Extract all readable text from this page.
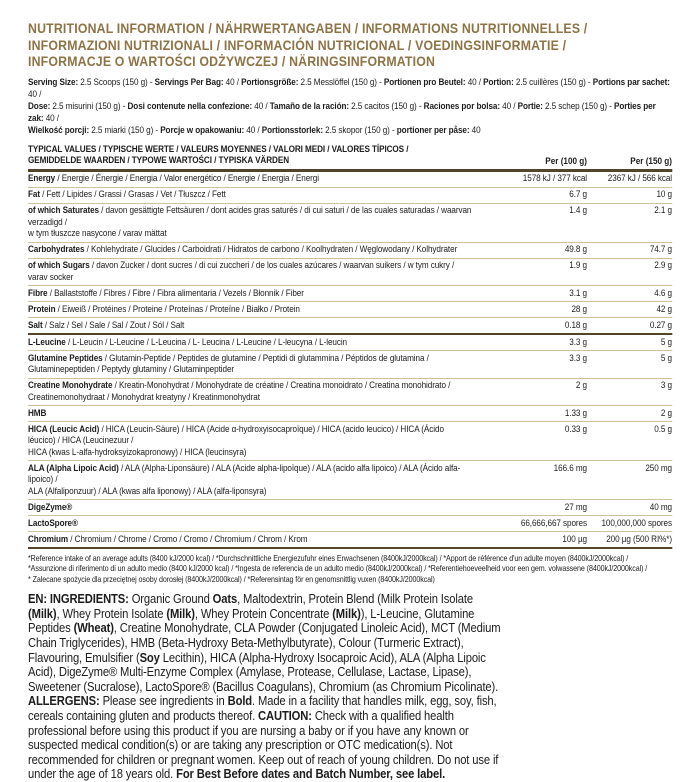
NUTRITIONAL INFORMATION / NÄHRWERTANGABEN / INFORMATIONS NUTRITIONNELLES /
INFORMAZIONI NUTRIZIONALI / INFORMACIÓN NUTRICIONAL / VOEDINGSINFORMATIE /
INFORMACJE O WARTOŚCI ODŻYWCZEJ / NÄRINGSINFORMATION
Serving Size: 2.5 Scoops (150 g) - Servings Per Bag: 40 / Portionsgröße: 2.5 Messlöffel (150 g) - Portionen pro Beutel: 40 / Portion: 2.5 cuillères (150 g) - Portions par sachet: 40 /
Dose: 2.5 misurini (150 g) - Dosi contenute nella confezione: 40 / Tamaño de la ración: 2.5 cacitos (150 g) - Raciones por bolsa: 40 / Portie: 2.5 schep (150 g) - Porties per zak: 40 /
Wielkość porcji: 2.5 miarki (150 g) - Porcje w opakowaniu: 40 / Portionsstorlek: 2.5 skopor (150 g) - portioner per påse: 40
TYPICAL VALUES / TYPISCHE WERTE / VALEURS MOYENNES / VALORI MEDI / VALORES TÍPICOS /
GEMIDDELDE WAARDEN / TYPOWE WARTOŚCI / TYPISKA VÄRDEN	Per (100 g)	Per (150 g)
Energy / Energie / Énergie / Energia / Valor energético / Energie / Energia / Energi	1578 kJ / 377 kcal	2367 kJ / 566 kcal
Fat / Fett / Lipides / Grassi / Grasas / Vet / Tłuszcz / Fett	6.7 g	10 g
of which Saturates / davon gesättigte Fettsäuren / dont acides gras saturés / di cui saturi / de las cuales saturadas / waarvan verzadigd /
w tym tłuszcze nasycone / varav mättat
1.4 g	2.1 g
Carbohydrates / Kohlehydrate / Glucides / Carboidrati / Hidratos de carbono / Koolhydraten / Węglowodany / Kolhydrater	49.8 g	74.7 g
of which Sugars / davon Zucker / dont sucres / di cui zuccheri / de los cuales azúcares / waarvan suikers / w tym cukry / varav socker
1.9 g	2.9 g
Fibre / Ballaststoffe / Fibres / Fibre / Fibra alimentaria / Vezels / Błonnik / Fiber	3.1 g	4.6 g
Protein / Eiweiß / Protéines / Proteine / Proteínas / Proteïne / Białko / Protein	28 g	42 g
Salt / Salz / Sel / Sale / Sal / Zout / Sól / Salt	0.18 g	0.27 g
L-Leucine / L-Leucin / L-Leucine / L-Leucina / L- Leucina / L-Leucine / L-leucyna / L-leucin	3.3 g	5 g
Glutamine Peptides / Glutamin-Peptide / Peptides de glutamine / Peptidi di glutammina / Péptidos de glutamina /
Glutaminepeptiden / Peptydy glutaminy / Glutaminpeptider
3.3 g	5 g
Creatine Monohydrate / Kreatin-Monohydrat / Monohydrate de créatine / Creatina monoidrato / Creatina monohidrato /
Creatinemonohydraat / Monohydrat kreatyny / Kreatinmonohydrat
2 g	3 g
HMB	1.33 g	2 g
HICA (Leucic Acid) / HICA (Leucin-Säure) / HICA (Acide α-hydroxyisocaproïque) / HICA (acido leucico) / HICA (Ácido léucico) / HICA (Leucinezuur /
HICA (kwas L-alfa-hydroksyizokapronowy) / HICA (leucinsyra)
0.33 g	0.5 g
ALA (Alpha Lipoic Acid) / ALA (Alpha-Liponsäure) / ALA (Acide alpha-lipoïque) / ALA (acido alfa lipoico) / ALA (Ácido alfa-lipoico) /
ALA (Alfaliponzuur) / ALA (kwas alfa liponowy) / ALA (alfa-liponsyra)
166.6 mg	250 mg
DigeZyme®	27 mg	40 mg
LactoSpore®	66,666,667 spores	100,000,000 spores
Chromium / Chromium / Chrome / Cromo / Cromo / Chromium / Chrom / Krom	100 µg	200 µg (500 RI%*)
*Reference intake of an average adults (8400 kJ/2000 kcal) / *Durchschnittliche Energiezufuhr eines Erwachsenen (8400kJ/2000kcal) / *Apport de référence d'un adulte moyen (8400kJ/2000kcal) /
*Assunzione di riferimento di un adulto medio (8400 kJ/2000 kcal) / *Ingesta de referencia de un adulto medio (8400kJ/2000kcal) / *Referentiehoeveelheid voor een gem. volwassene (8400kJ/2000kcal) /
* Zalecane spożycie dla przeciętnej osoby dorosłej (8400kJ/2000kcal) / *Referensintag för en genomsnittlig vuxen (8400kJ/2000kcal)

EN: INGREDIENTS: Organic Ground Oats, Maltodextrin, Protein Blend (Milk Protein Isolate (Milk), Whey Protein Isolate (Milk), Whey Protein Concentrate (Milk)), L-Leucine, Glutamine Peptides (Wheat), Creatine Monohydrate, CLA Powder (Conjugated Linoleic Acid), MCT (Medium Chain Triglycerides), HMB (Beta-Hydroxy Beta-Methylbutyrate), Colour (Turmeric Extract), Flavouring, Emulsifier (Soy Lecithin), HICA (Alpha-Hydroxy Isocaproic Acid), ALA (Alpha Lipoic Acid), DigeZyme® Multi-Enzyme Complex (Amylase, Protease, Cellulase, Lactase, Lipase), Sweetener (Sucralose), LactoSpore® (Bacillus Coagulans), Chromium (as Chromium Picolinate).

ALLERGENS: Please see ingredients in Bold. Made in a facility that handles milk, egg, soy, fish, cereals containing gluten and products thereof. CAUTION: Check with a qualified health professional before using this product if you are nursing a baby or if you have any known or suspected medical condition(s) or are taking any prescription or OTC medication(s). Not recommended for children or pregnant women. Keep out of reach of young children. Do not use if under the age of 18 years old. For Best Before dates and Batch Number, see label.
